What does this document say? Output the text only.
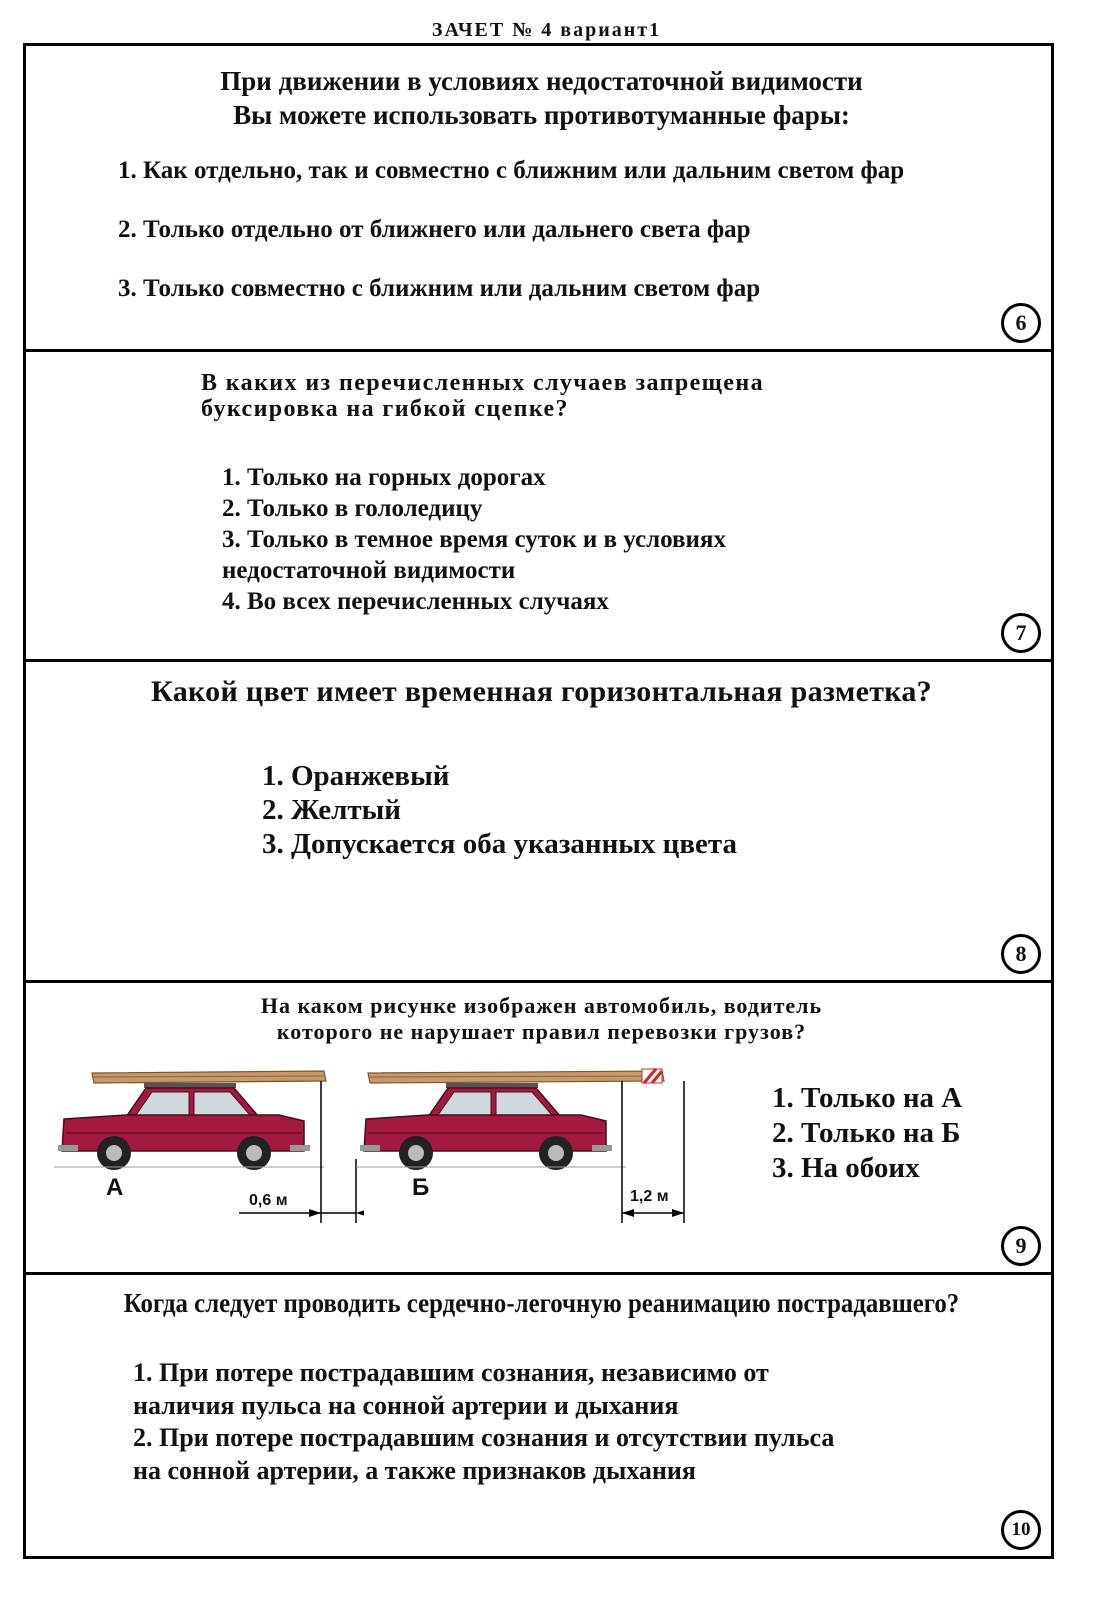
ЗАЧЕТ № 4 вариант1
При движении в условиях недостаточной видимости
Вы можете использовать противотуманные фары:
1. Как отдельно, так и совместно с ближним или дальним светом фар
2. Только отдельно от ближнего или дальнего света фар
3. Только совместно с ближним или дальним светом фар
6
В каких из перечисленных случаев запрещена
буксировка на гибкой сцепке?
1. Только на горных дорогах
2. Только в гололедицу
3. Только в темное время суток и в условиях
недостаточной видимости
4. Во всех перечисленных случаях
7
Какой цвет имеет временная горизонтальная разметка?
1. Оранжевый
2. Желтый
3. Допускается оба указанных цвета
8
На каком рисунке изображен автомобиль, водитель
которого не нарушает правил перевозки грузов?
А	0,6 м	Б	1,2 м
1. Только на А
2. Только на Б
3. На обоих
9
Когда следует проводить сердечно-легочную реанимацию пострадавшего?
1. При потере пострадавшим сознания, независимо от
наличия пульса на сонной артерии и дыхания
2. При потере пострадавшим сознания и отсутствии пульса
на сонной артерии, а также признаков дыхания
10
